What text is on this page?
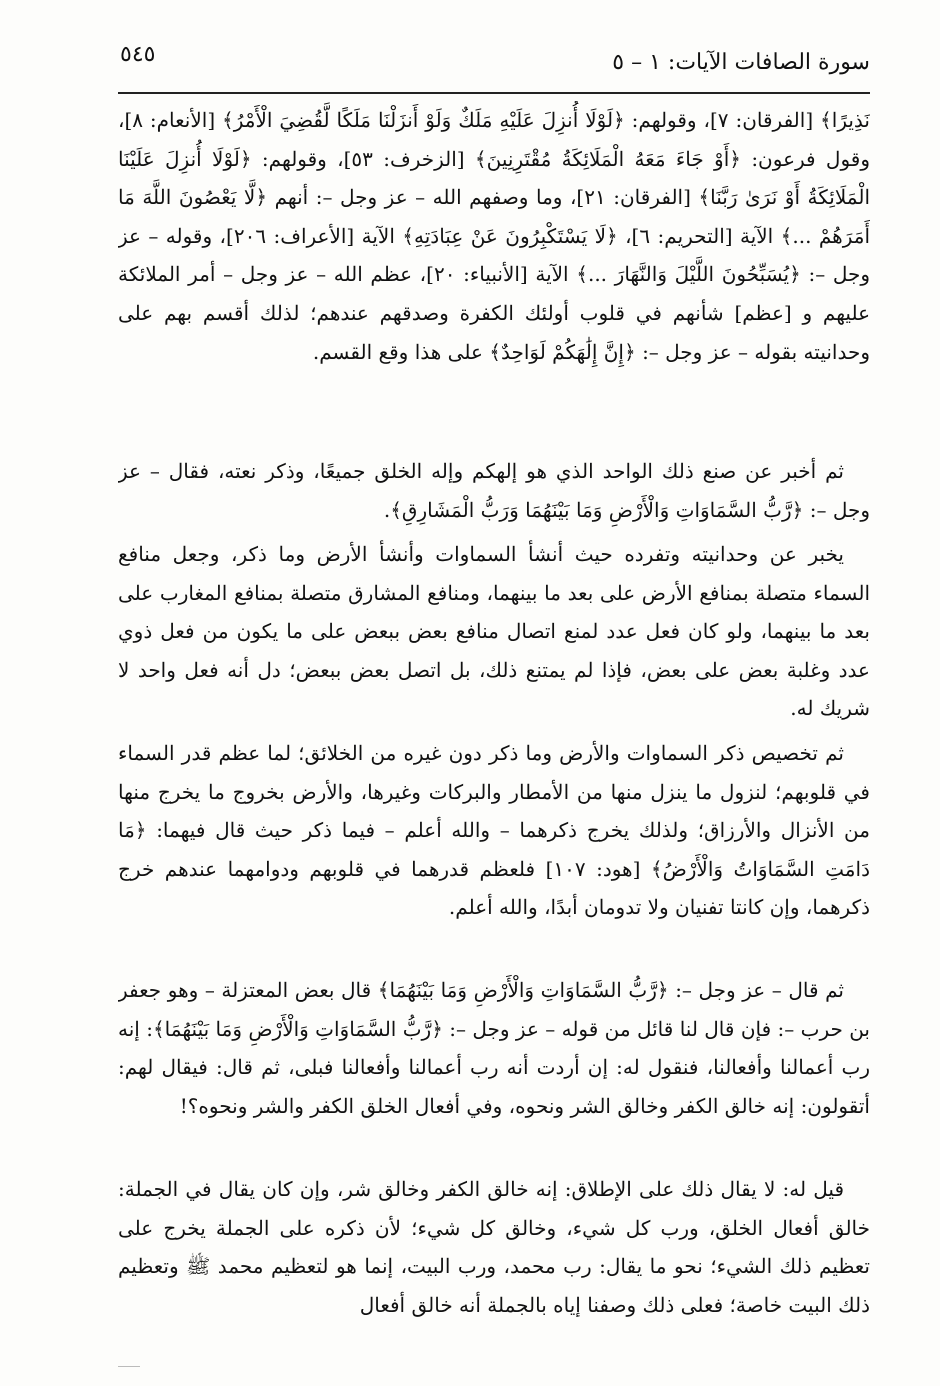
سورة الصافات الآيات: ١ – ٥
٥٤٥

نَذِيرًا﴾ [الفرقان: ٧]، وقولهم: ﴿لَوْلَا أُنزِلَ عَلَيْهِ مَلَكٌ وَلَوْ أَنزَلْنَا مَلَكًا لَّقُضِيَ الْأَمْرُ﴾ [الأنعام: ٨]، وقول فرعون: ﴿أَوْ جَاءَ مَعَهُ الْمَلَائِكَةُ مُقْتَرِنِينَ﴾ [الزخرف: ٥٣]، وقولهم: ﴿لَوْلَا أُنزِلَ عَلَيْنَا الْمَلَائِكَةُ أَوْ نَرَىٰ رَبَّنَا﴾ [الفرقان: ٢١]، وما وصفهم الله – عز وجل –: أنهم ﴿لَّا يَعْصُونَ اللَّهَ مَا أَمَرَهُمْ ...﴾ الآية [التحريم: ٦]، ﴿لَا يَسْتَكْبِرُونَ عَنْ عِبَادَتِهِ﴾ الآية [الأعراف: ٢٠٦]، وقوله – عز وجل –: ﴿يُسَبِّحُونَ اللَّيْلَ وَالنَّهَارَ ...﴾ الآية [الأنبياء: ٢٠]، عظم الله – عز وجل – أمر الملائكة عليهم و [عظم] شأنهم في قلوب أولئك الكفرة وصدقهم عندهم؛ لذلك أقسم بهم على وحدانيته بقوله – عز وجل –: ﴿إِنَّ إِلَٰهَكُمْ لَوَاحِدٌ﴾ على هذا وقع القسم.

ثم أخبر عن صنع ذلك الواحد الذي هو إلهكم وإله الخلق جميعًا، وذكر نعته، فقال – عز وجل –: ﴿رَّبُّ السَّمَاوَاتِ وَالْأَرْضِ وَمَا بَيْنَهُمَا وَرَبُّ الْمَشَارِقِ﴾.

يخبر عن وحدانيته وتفرده حيث أنشأ السماوات وأنشأ الأرض وما ذكر، وجعل منافع السماء متصلة بمنافع الأرض على بعد ما بينهما، ومنافع المشارق متصلة بمنافع المغارب على بعد ما بينهما، ولو كان فعل عدد لمنع اتصال منافع بعض ببعض على ما يكون من فعل ذوي عدد وغلبة بعض على بعض، فإذا لم يمتنع ذلك، بل اتصل بعض ببعض؛ دل أنه فعل واحد لا شريك له.

ثم تخصيص ذكر السماوات والأرض وما ذكر دون غيره من الخلائق؛ لما عظم قدر السماء في قلوبهم؛ لنزول ما ينزل منها من الأمطار والبركات وغيرها، والأرض بخروج ما يخرج منها من الأنزال والأرزاق؛ ولذلك يخرج ذكرهما – والله أعلم – فيما ذكر حيث قال فيهما: ﴿مَا دَامَتِ السَّمَاوَاتُ وَالْأَرْضُ﴾ [هود: ١٠٧] فلعظم قدرهما في قلوبهم ودوامهما عندهم خرج ذكرهما، وإن كانتا تفنيان ولا تدومان أبدًا، والله أعلم.

ثم قال – عز وجل –: ﴿رَّبُّ السَّمَاوَاتِ وَالْأَرْضِ وَمَا بَيْنَهُمَا﴾ قال بعض المعتزلة – وهو جعفر بن حرب –: فإن قال لنا قائل من قوله – عز وجل –: ﴿رَّبُّ السَّمَاوَاتِ وَالْأَرْضِ وَمَا بَيْنَهُمَا﴾: إنه رب أعمالنا وأفعالنا، فنقول له: إن أردت أنه رب أعمالنا وأفعالنا فبلى، ثم قال: فيقال لهم: أتقولون: إنه خالق الكفر وخالق الشر ونحوه، وفي أفعال الخلق الكفر والشر ونحوه؟!

قيل له: لا يقال ذلك على الإطلاق: إنه خالق الكفر وخالق شر، وإن كان يقال في الجملة: خالق أفعال الخلق، ورب كل شيء، وخالق كل شيء؛ لأن ذكره على الجملة يخرج على تعظيم ذلك الشيء؛ نحو ما يقال: رب محمد، ورب البيت، إنما هو لتعظيم محمد ﷺ وتعظيم ذلك البيت خاصة؛ فعلى ذلك وصفنا إياه بالجملة أنه خالق أفعال
